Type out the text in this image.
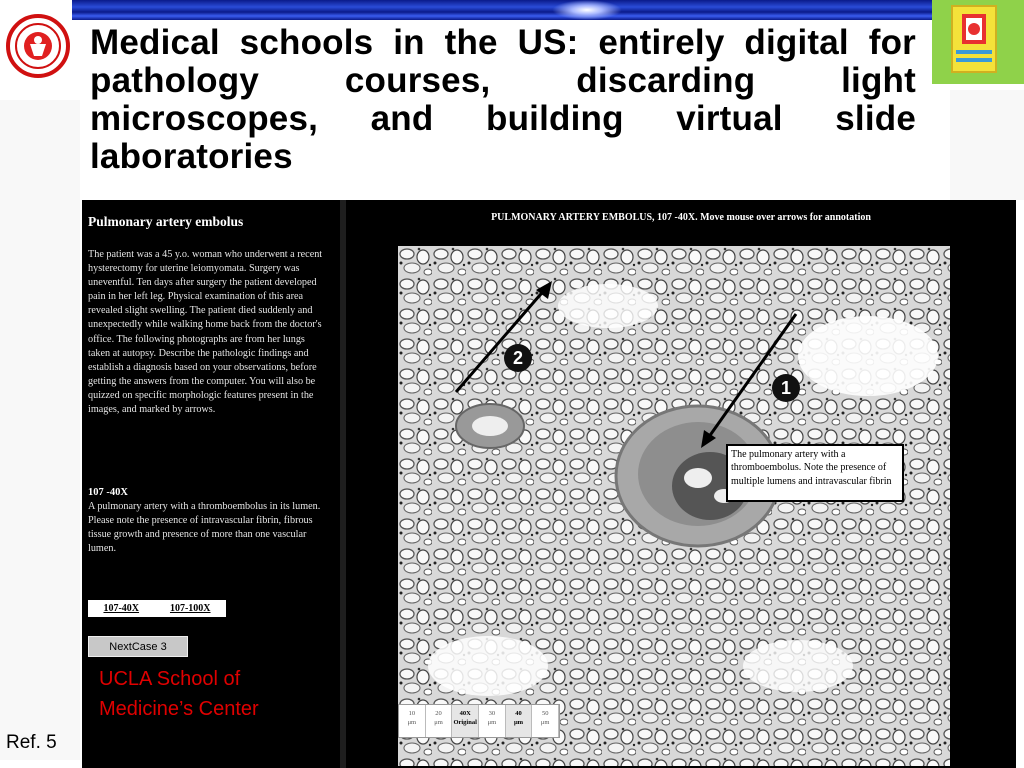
Medical schools in the US: entirely digital for pathology courses, discarding light microscopes, and building virtual slide laboratories
Pulmonary artery embolus
The patient was a 45 y.o. woman who underwent a recent hysterectomy for uterine leiomyomata. Surgery was uneventful. Ten days after surgery the patient developed pain in her left leg. Physical examination of this area revealed slight swelling. The patient died suddenly and unexpectedly while walking home back from the doctor's office. The following photographs are from her lungs taken at autopsy. Describe the pathologic findings and establish a diagnosis based on your observations, before getting the answers from the computer. You will also be quizzed on specific morphologic features present in the images, and marked by arrows.
107 -40X
A pulmonary artery with a thromboembolus in its lumen. Please note the presence of intravascular fibrin, fibrous tissue growth and presence of more than one vascular lumen.
107-40X	107-100X
NextCase 3
PULMONARY ARTERY EMBOLUS, 107 -40X. Move mouse over arrows for annotation
1
2
The pulmonary artery with a thromboembolus. Note the presence of multiple lumens and intravascular fibrin
10
μm
20
μm
40X
Original
30
μm
40
μm
50
μm
UCLA School of Medicine’s Center
Ref. 5
